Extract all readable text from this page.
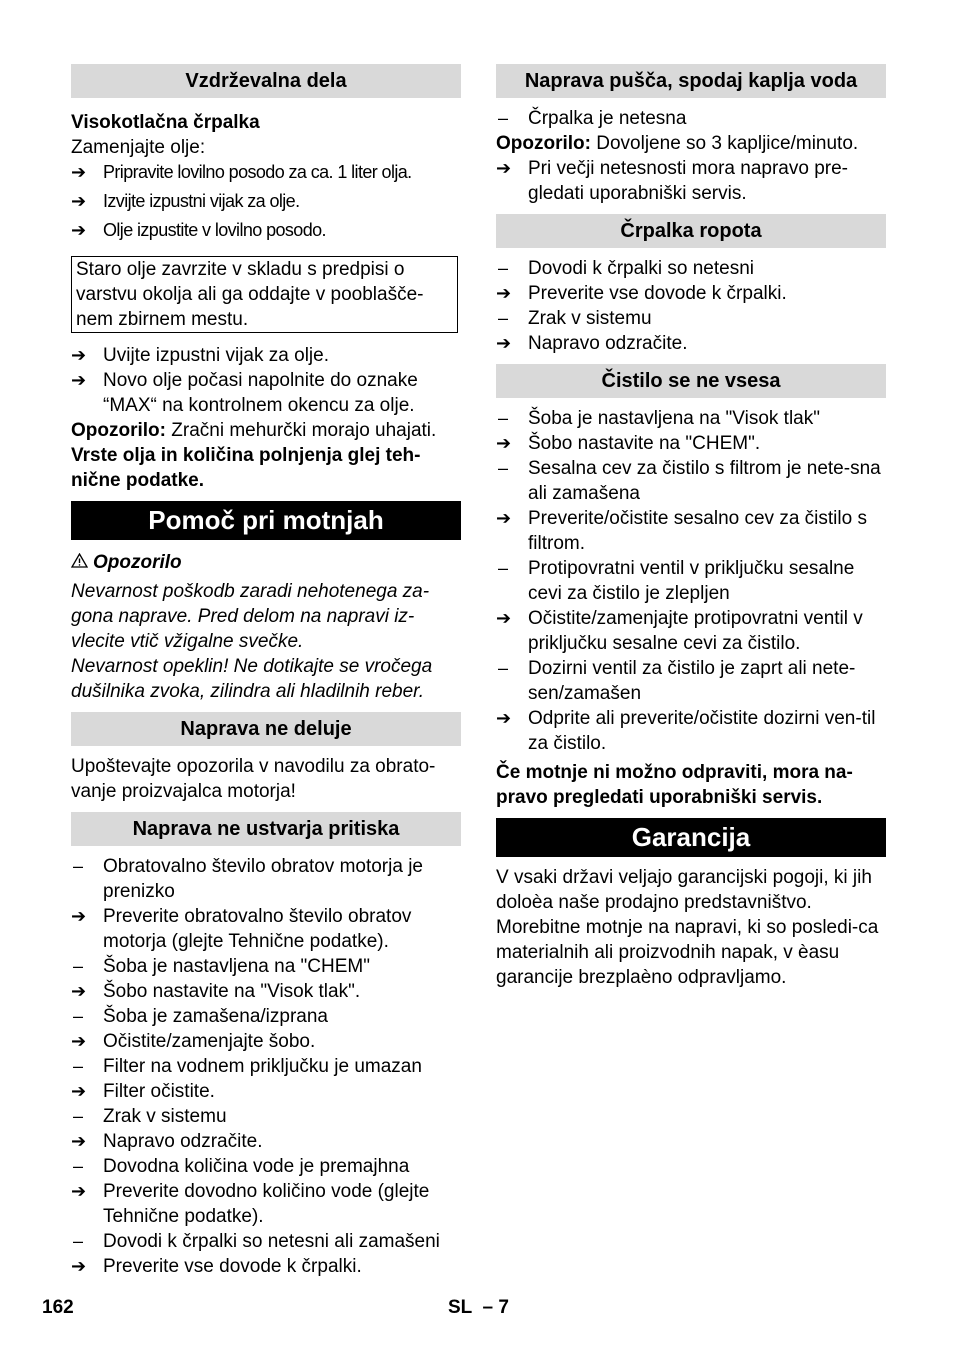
Vzdrževalna dela
Visokotlačna črpalka
Zamenjajte olje:
➔ Pripravite lovilno posodo za ca. 1 liter olja.
➔ Izvijte izpustni vijak za olje.
➔ Olje izpustite v lovilno posodo.
Staro olje zavrzite v skladu s predpisi o varstvu okolja ali ga oddajte v pooblašče-nem zbirnem mestu.
➔ Uvijte izpustni vijak za olje.
➔ Novo olje počasi napolnite do oznake “MAX“ na kontrolnem okencu za olje.
Opozorilo: Zračni mehurčki morajo uhajati.
Vrste olja in količina polnjenja glej teh-nične podatke.
Pomoč pri motnjah
Opozorilo
Nevarnost poškodb zaradi nehotenega za-gona naprave. Pred delom na napravi iz-vlecite vtič vžigalne svečke.
Nevarnost opeklin! Ne dotikajte se vročega dušilnika zvoka, zilindra ali hladilnih reber.
Naprava ne deluje
Upoštevajte opozorila v navodilu za obrato-vanje proizvajalca motorja!
Naprava ne ustvarja pritiska
–	Obratovalno število obratov motorja je prenizko
➔ Preverite obratovalno število obratov motorja (glejte Tehnične podatke).
–	Šoba je nastavljena na "CHEM"
➔ Šobo nastavite na "Visok tlak".
–	Šoba je zamašena/izprana
➔ Očistite/zamenjajte šobo.
–	Filter na vodnem priključku je umazan
➔ Filter očistite.
–	Zrak v sistemu
➔ Napravo odzračite.
–	Dovodna količina vode je premajhna
➔ Preverite dovodno količino vode (glejte Tehnične podatke).
–	Dovodi k črpalki so netesni ali zamašeni
➔ Preverite vse dovode k črpalki.
Naprava pušča, spodaj kaplja voda
–	Črpalka je netesna
Opozorilo: Dovoljene so 3 kapljice/minuto.
➔ Pri večji netesnosti mora napravo pre-gledati uporabniški servis.
Črpalka ropota
–	Dovodi k črpalki so netesni
➔ Preverite vse dovode k črpalki.
–	Zrak v sistemu
➔ Napravo odzračite.
Čistilo se ne vsesa
–	Šoba je nastavljena na "Visok tlak"
➔ Šobo nastavite na "CHEM".
–	Sesalna cev za čistilo s filtrom je nete-sna ali zamašena
➔ Preverite/očistite sesalno cev za čistilo s filtrom.
–	Protipovratni ventil v priključku sesalne cevi za čistilo je zlepljen
➔ Očistite/zamenjajte protipovratni ventil v priključku sesalne cevi za čistilo.
–	Dozirni ventil za čistilo je zaprt ali nete-sen/zamašen
➔ Odprite ali preverite/očistite dozirni ven-til za čistilo.
Če motnje ni možno odpraviti, mora na-pravo pregledati uporabniški servis.
Garancija
V vsaki državi veljajo garancijski pogoji, ki jih doloèa naše prodajno predstavništvo. Morebitne motnje na napravi, ki so posledi-ca materialnih ali proizvodnih napak, v èasu garancije brezplaèno odpravljamo.
162	SL  – 7
